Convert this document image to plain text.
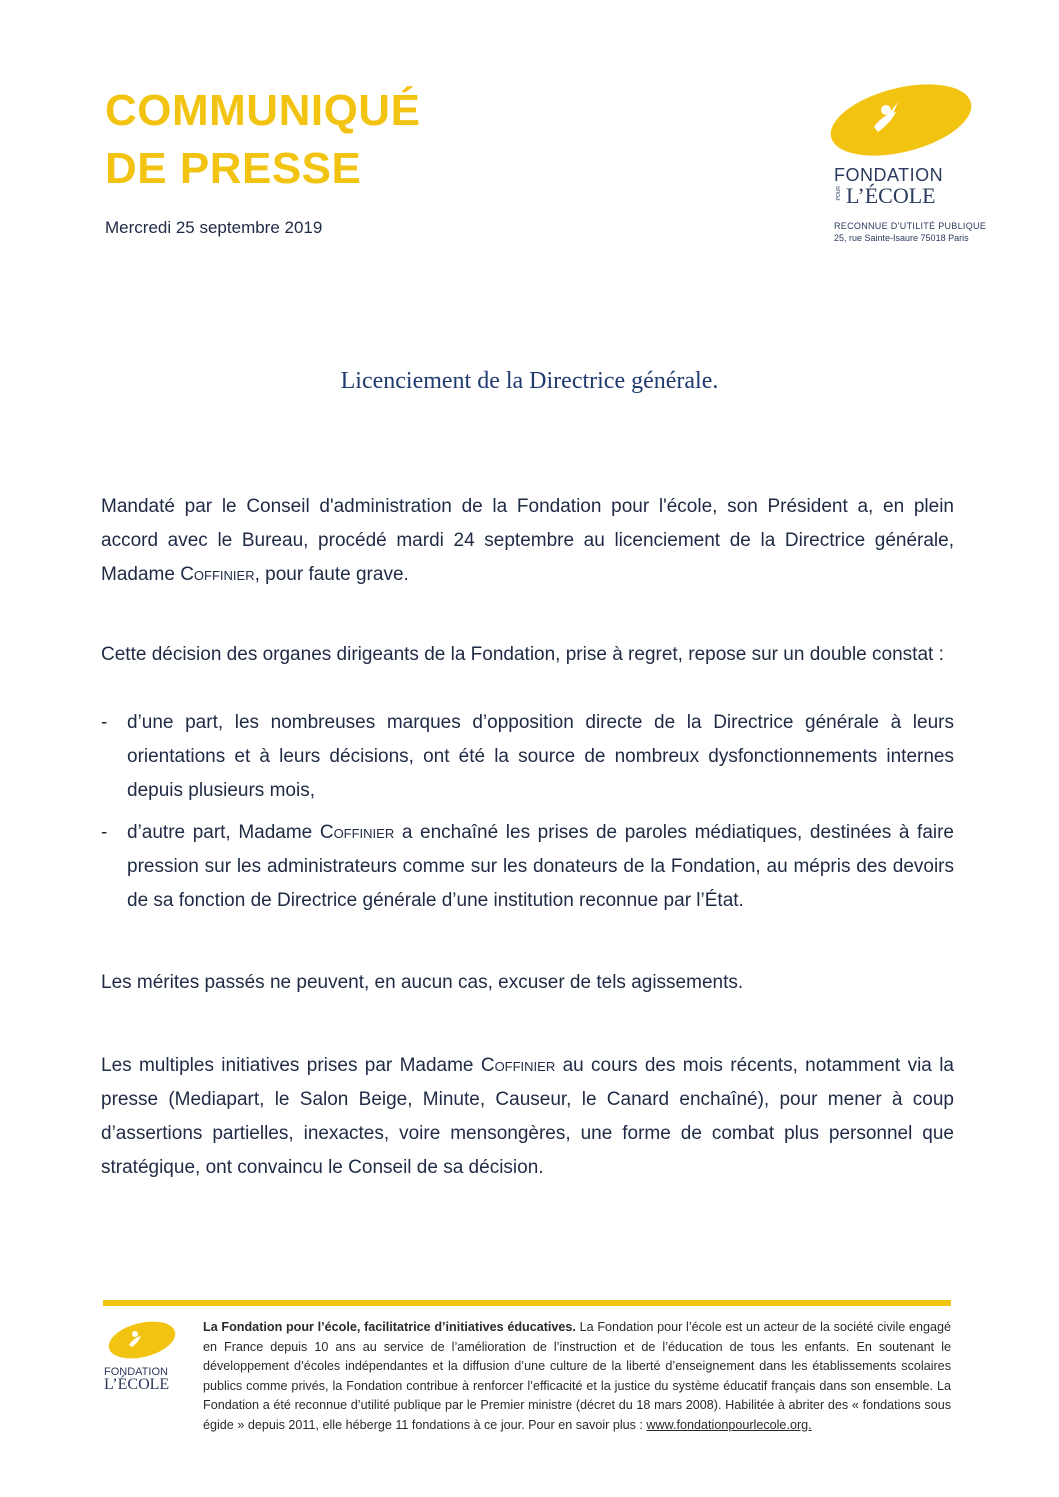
COMMUNIQUÉ
DE PRESSE
Mercredi 25 septembre 2019
FONDATION
POUR L’ÉCOLE
RECONNUE D’UTILITÉ PUBLIQUE
25, rue Sainte-Isaure 75018 Paris
Licenciement de la Directrice générale.
Mandaté par le Conseil d'administration de la Fondation pour l'école, son Président a, en plein accord avec le Bureau, procédé mardi 24 septembre au licenciement de la Directrice générale, Madame Coffinier, pour faute grave.
Cette décision des organes dirigeants de la Fondation, prise à regret, repose sur un double constat :
- d’une part, les nombreuses marques d’opposition directe de la Directrice générale à leurs orientations et à leurs décisions, ont été la source de nombreux dysfonctionnements internes depuis plusieurs mois,
- d’autre part, Madame Coffinier a enchaîné les prises de paroles médiatiques, destinées à faire pression sur les administrateurs comme sur les donateurs de la Fondation, au mépris des devoirs de sa fonction de Directrice générale d’une institution reconnue par l’État.
Les mérites passés ne peuvent, en aucun cas, excuser de tels agissements.
Les multiples initiatives prises par Madame Coffinier au cours des mois récents, notamment via la presse (Mediapart, le Salon Beige, Minute, Causeur, le Canard enchaîné), pour mener à coup d’assertions partielles, inexactes, voire mensongères, une forme de combat plus personnel que stratégique, ont convaincu le Conseil de sa décision.
FONDATION
L’ÉCOLE
La Fondation pour l’école, facilitatrice d’initiatives éducatives. La Fondation pour l’école est un acteur de la société civile engagé en France depuis 10 ans au service de l’amélioration de l’instruction et de l’éducation de tous les enfants. En soutenant le développement d’écoles indépendantes et la diffusion d’une culture de la liberté d’enseignement dans les établissements scolaires publics comme privés, la Fondation contribue à renforcer l’efficacité et la justice du système éducatif français dans son ensemble. La Fondation a été reconnue d’utilité publique par le Premier ministre (décret du 18 mars 2008). Habilitée à abriter des « fondations sous égide » depuis 2011, elle héberge 11 fondations à ce jour. Pour en savoir plus : www.fondationpourlecole.org.
